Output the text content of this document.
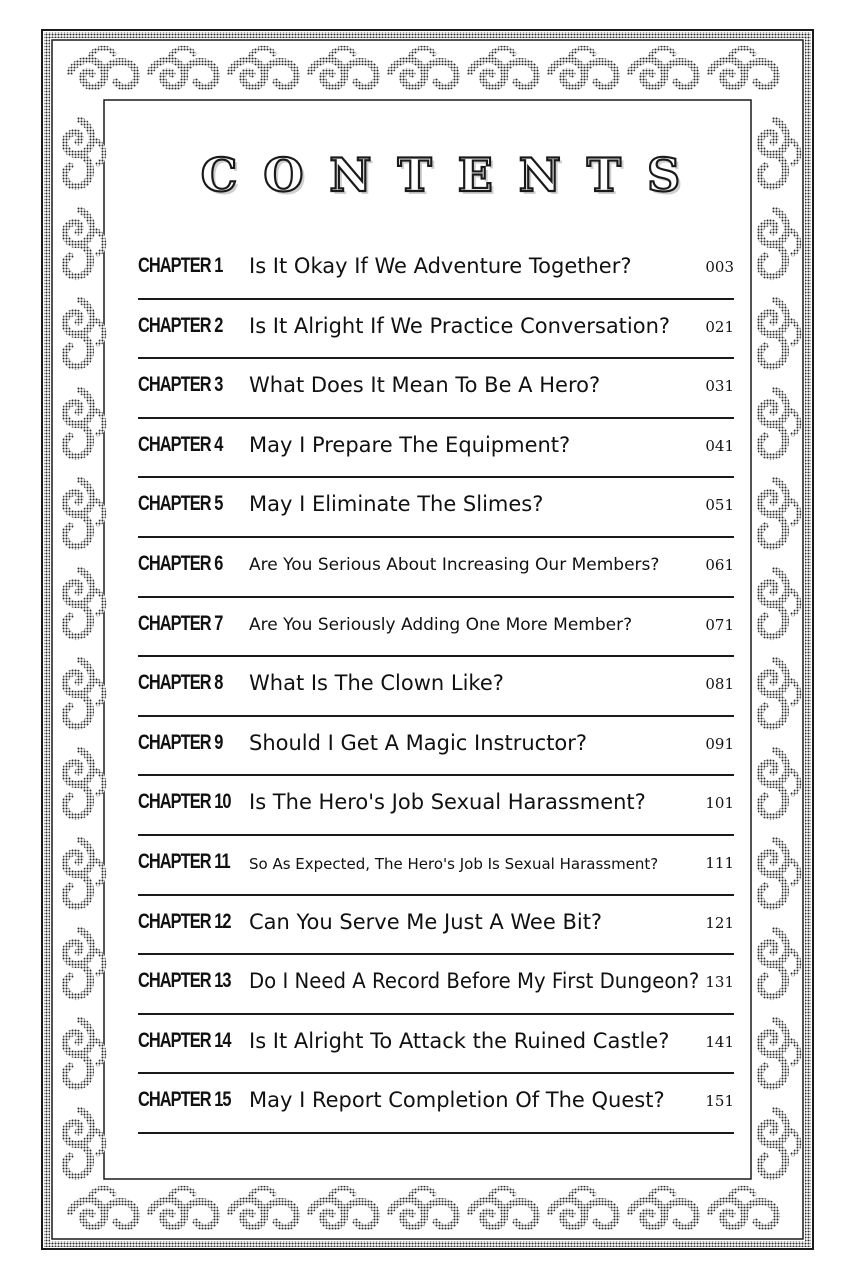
CONTENTS
CHAPTER 1 Is It Okay If We Adventure Together?	003
CHAPTER 2 Is It Alright If We Practice Conversation? 021
CHAPTER 3 What Does It Mean To Be A Hero?	031
CHAPTER 4 May I Prepare The Equipment?	041
CHAPTER 5 May I Eliminate The Slimes?	051
CHAPTER 6 Are You Serious About Increasing Our Members?	061
CHAPTER 7 Are You Seriously Adding One More Member?	071
CHAPTER 8 What Is The Clown Like?	081
CHAPTER 9 Should I Get A Magic Instructor?	091
CHAPTER 10 Is The Hero's Job Sexual Harassment?	101
CHAPTER 11 So As Expected, The Hero's Job Is Sexual Harassment?	111
CHAPTER 12 Can You Serve Me Just A Wee Bit?	121
CHAPTER 13 Do I Need A Record Before My First Dungeon? 131
CHAPTER 14 Is It Alright To Attack the Ruined Castle? 141
CHAPTER 15 May I Report Completion Of The Quest?	151
